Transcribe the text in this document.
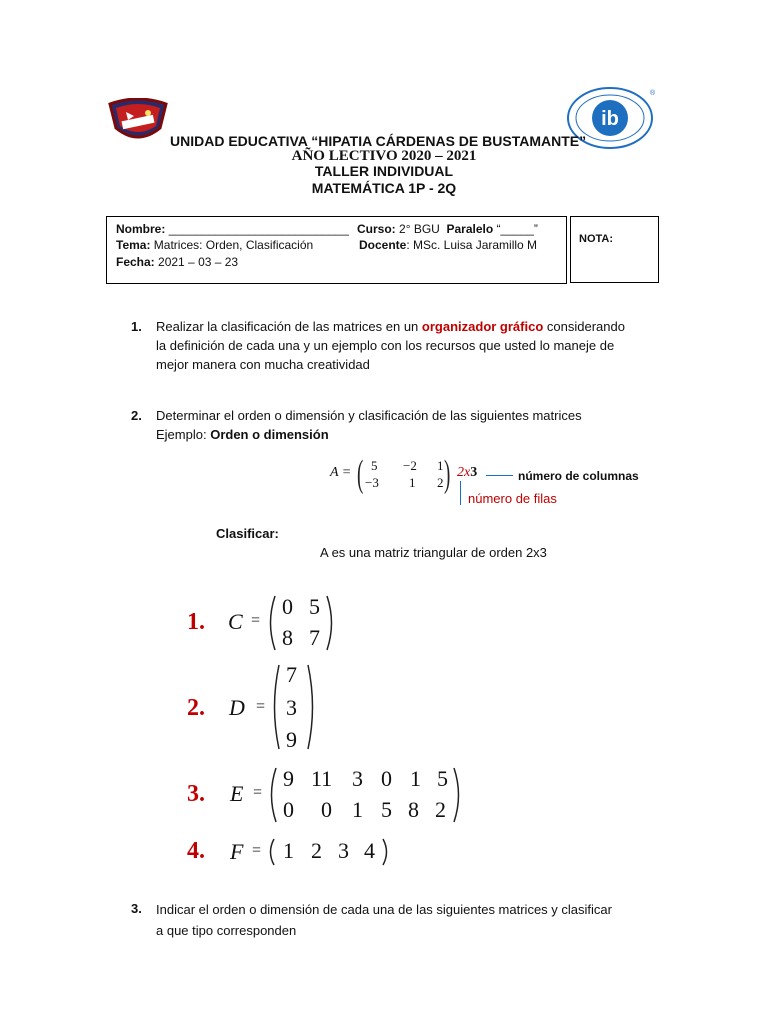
ib
®
UNIDAD EDUCATIVA “HIPATIA CÁRDENAS DE BUSTAMANTE”
AÑO LECTIVO 2020 – 2021
TALLER INDIVIDUAL
MATEMÁTICA 1P - 2Q
Nombre: ___________________________ Curso: 2° BGU Paralelo “_____”
Tema: Matrices: Orden, Clasificación	Docente: MSc. Luisa Jaramillo M
Fecha: 2021 – 03 – 23
NOTA:
1. Realizar la clasificación de las matrices en un organizador gráfico considerando
la definición de cada una y un ejemplo con los recursos que usted lo maneje de
mejor manera con mucha creatividad
2. Determinar el orden o dimensión y clasificación de las siguientes matrices
Ejemplo: Orden o dimensión
A = ( )
5 −2 1
−3 1 2
2x3	número de columnas
número de filas
Clasificar:
A es una matriz triangular de orden 2x3
1. C =
0 5
8 7
2. D =
7
3
9
3. E =
9 11 3 0 1 5
0 0 1 5 8 2
4. F = 1 2 3 4
3. Indicar el orden o dimensión de cada una de las siguientes matrices y clasificar
a que tipo corresponden
